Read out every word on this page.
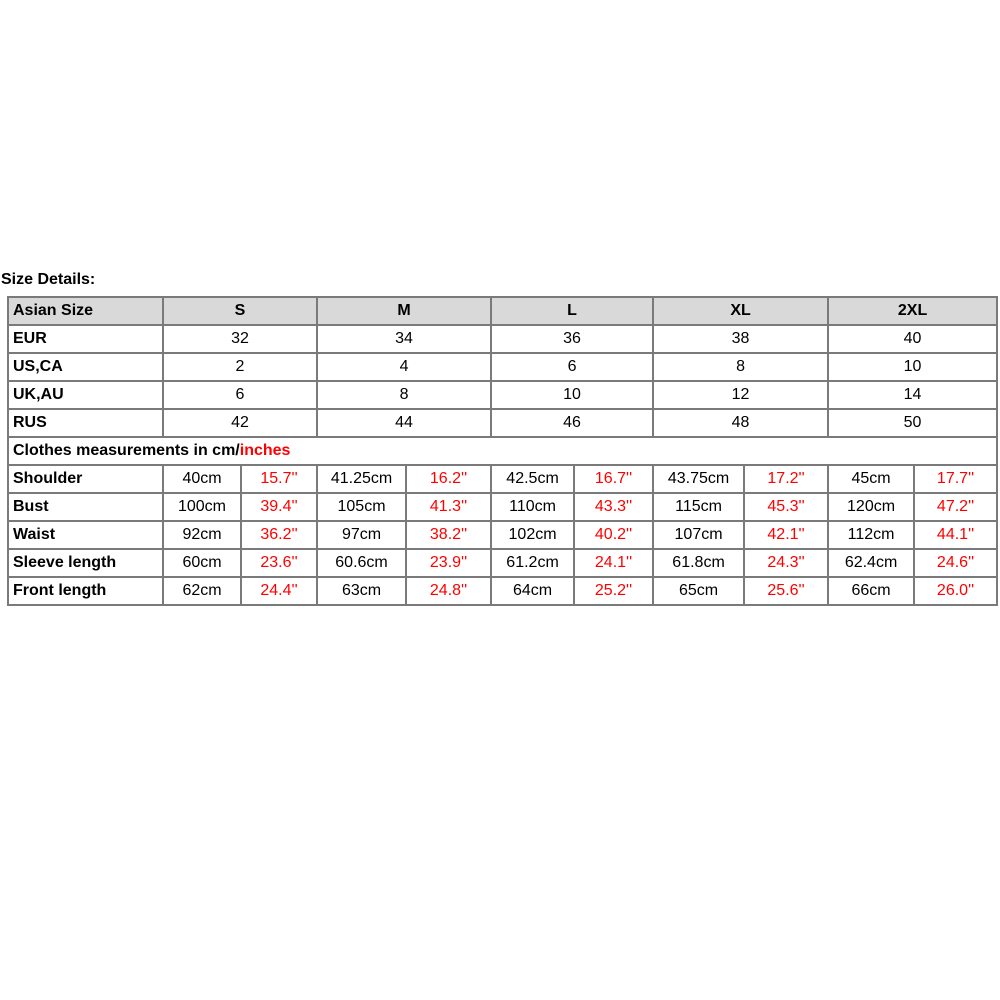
Size Details:
Asian Size	S		M		L		XL		2XL	
EUR	32		34		36		38		40	
US,CA	2		4		6		8		10	
UK,AU	6		8		10		12		14	
RUS	42		44		46		48		50	
Clothes measurements in cm/inches										
Shoulder	40cm	15.7''	41.25cm	16.2''	42.5cm	16.7''	43.75cm	17.2''	45cm	17.7''
Bust	100cm	39.4''	105cm	41.3''	110cm	43.3''	115cm	45.3''	120cm	47.2''
Waist	92cm	36.2''	97cm	38.2''	102cm	40.2''	107cm	42.1''	112cm	44.1''
Sleeve length	60cm	23.6''	60.6cm	23.9''	61.2cm	24.1''	61.8cm	24.3''	62.4cm	24.6''
Front length	62cm	24.4''	63cm	24.8''	64cm	25.2''	65cm	25.6''	66cm	26.0''
